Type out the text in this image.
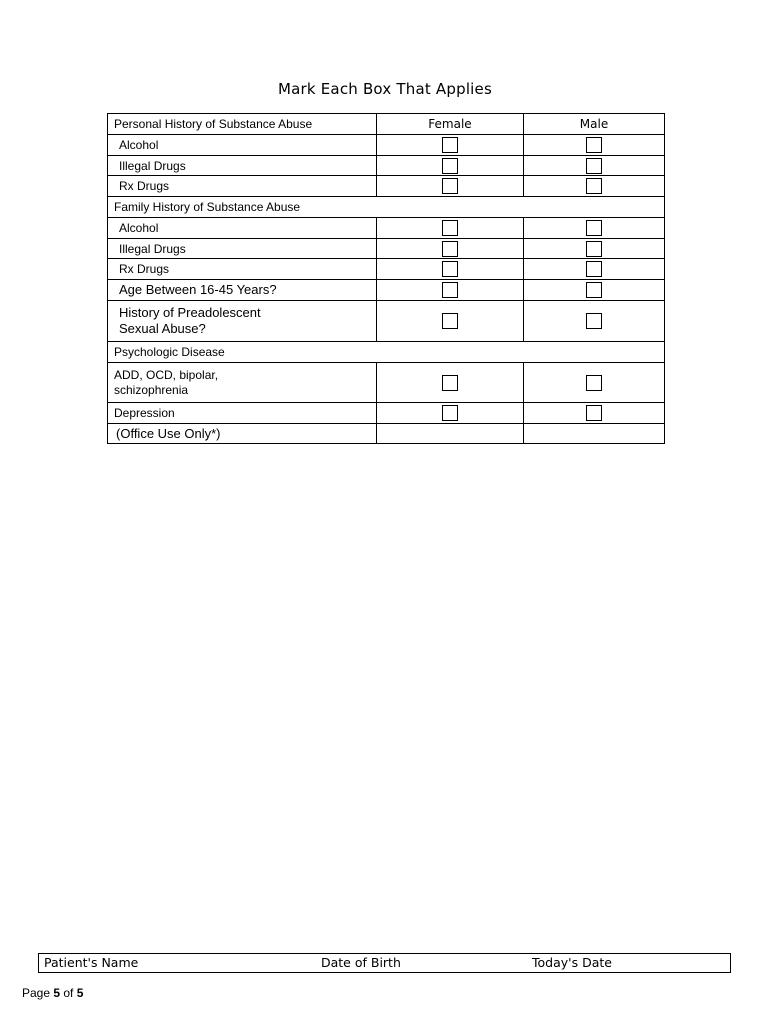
Mark Each Box That Applies
Personal History of Substance Abuse	Female	Male
Alcohol		
Illegal Drugs		
Rx Drugs		
Family History of Substance Abuse		
Alcohol		
Illegal Drugs		
Rx Drugs		
Age Between 16-45 Years?		

History of Preadolescent
Sexual Abuse?		

Psychologic Disease		

ADD, OCD, bipolar,
schizophrenia		

Depression		
(Office Use Only*)		
Patient's Name	Date of Birth	Today's Date
Page 5 of 5
